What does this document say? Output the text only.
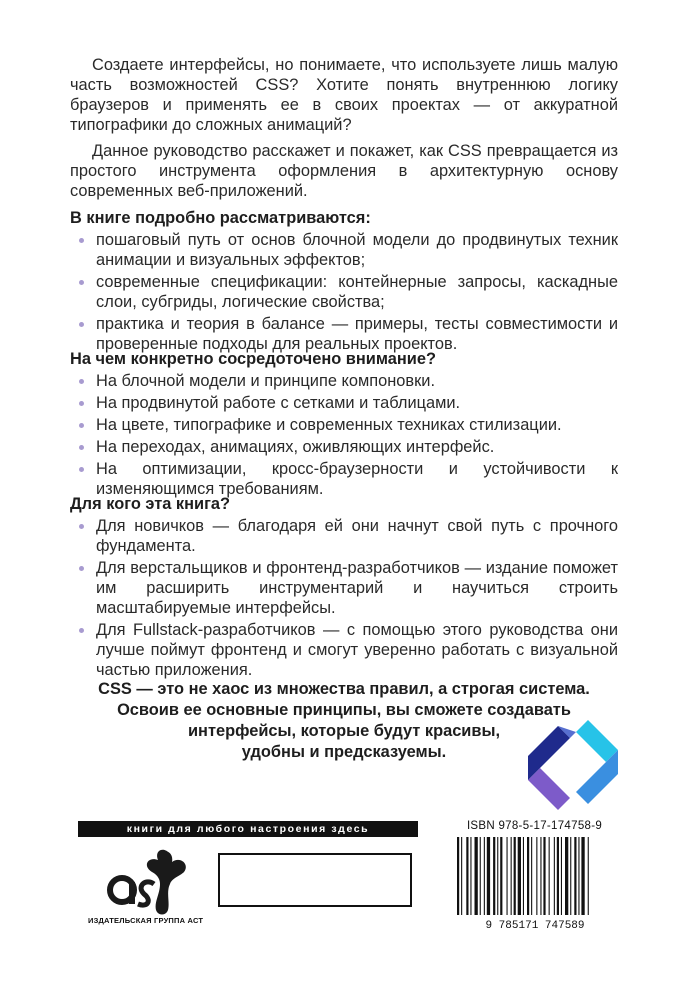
Создаете интерфейсы, но понимаете, что используете лишь малую часть возможностей CSS? Хотите понять внутреннюю логику браузеров и применять ее в своих проектах — от аккуратной типографики до сложных анимаций?

Данное руководство расскажет и покажет, как CSS превращается из простого инструмента оформления в архитектурную основу современных веб-приложений.

В книге подробно рассматриваются:
пошаговый путь от основ блочной модели до продвинутых техник анимации и визуальных эффектов;
современные спецификации: контейнерные запросы, каскадные слои, субгриды, логические свойства;
практика и теория в балансе — примеры, тесты совместимости и проверенные подходы для реальных проектов.
На чем конкретно сосредоточено внимание?
На блочной модели и принципе компоновки.
На продвинутой работе с сетками и таблицами.
На цвете, типографике и современных техниках стилизации.
На переходах, анимациях, оживляющих интерфейс.
На оптимизации, кросс-браузерности и устойчивости к изменяющимся требованиям.
Для кого эта книга?
Для новичков — благодаря ей они начнут свой путь с прочного фундамента.
Для верстальщиков и фронтенд-разработчиков — издание поможет им расширить инструментарий и научиться строить масштабируемые интерфейсы.
Для Fullstack-разработчиков — с помощью этого руководства они лучше поймут фронтенд и смогут уверенно работать с визуальной частью приложения.
CSS — это не хаос из множества правил, а строгая система.
Освоив ее основные принципы, вы сможете создавать
интерфейсы, которые будут красивы,
удобны и предсказуемы.
книги для любого настроения здесь
ИЗДАТЕЛЬСКАЯ ГРУППА АСТ
ISBN 978-5-17-174758-9
9 785171 747589
